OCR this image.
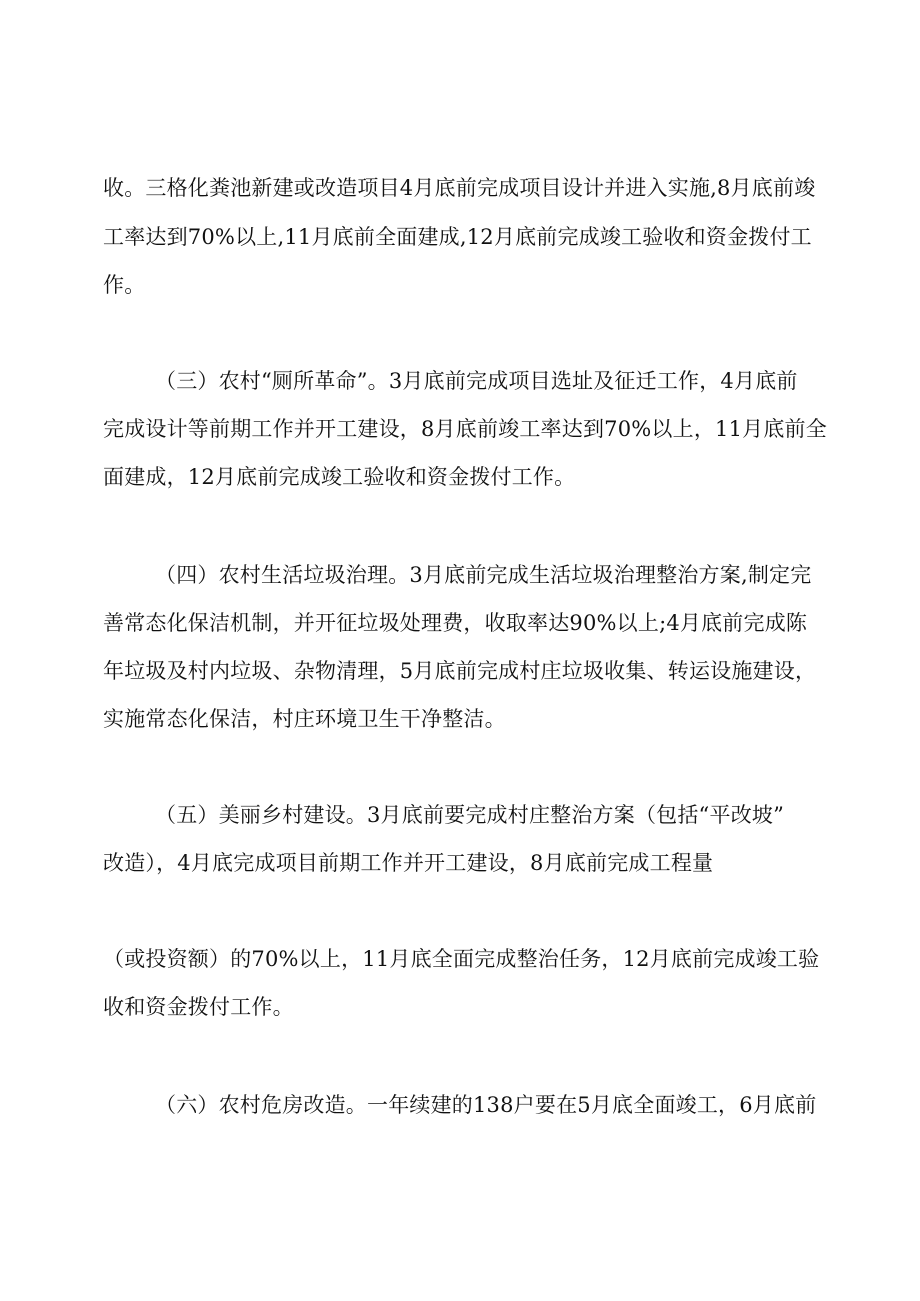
收。三格化粪池新建或改造项目4月底前完成项目设计并进入实施,8月底前竣
工率达到70%以上,11月底前全面建成,12月底前完成竣工验收和资金拨付工
作。
（三）农村“厕所革命”。3月底前完成项目选址及征迁工作，4月底前
完成设计等前期工作并开工建设，8月底前竣工率达到70%以上，11月底前全
面建成，12月底前完成竣工验收和资金拨付工作。
（四）农村生活垃圾治理。3月底前完成生活垃圾治理整治方案,制定完
善常态化保洁机制，并开征垃圾处理费，收取率达90%以上;4月底前完成陈
年垃圾及村内垃圾、杂物清理，5月底前完成村庄垃圾收集、转运设施建设，
实施常态化保洁，村庄环境卫生干净整洁。
（五）美丽乡村建设。3月底前要完成村庄整治方案（包括“平改坡”
改造），4月底完成项目前期工作并开工建设，8月底前完成工程量
（或投资额）的70%以上，11月底全面完成整治任务，12月底前完成竣工验
收和资金拨付工作。
（六）农村危房改造。一年续建的138户要在5月底全面竣工，6月底前
